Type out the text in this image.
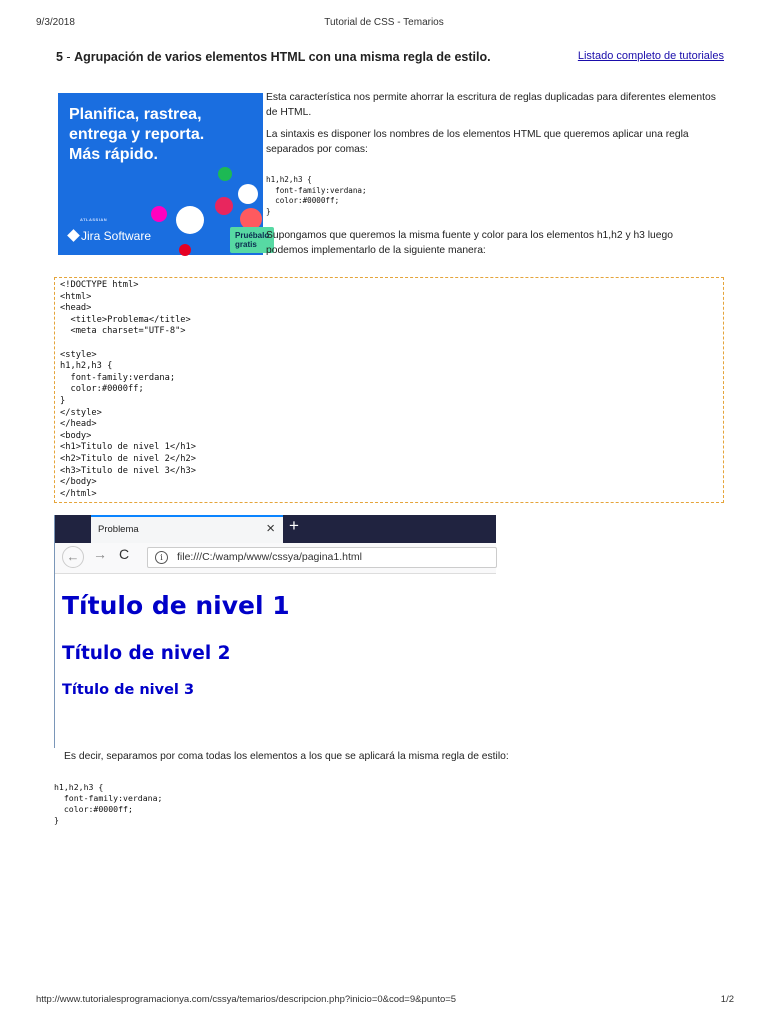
9/3/2018	Tutorial de CSS - Temarios
5 - Agrupación de varios elementos HTML con una misma regla de estilo.	Listado completo de tutoriales
Planifica, rastrea,
entrega y reporta.
Más rápido.
ATLASSIAN
Jira Software	Pruébalo gratis
Esta característica nos permite ahorrar la escritura de reglas duplicadas para diferentes elementos de HTML.
La sintaxis es disponer los nombres de los elementos HTML que queremos aplicar una regla separados por comas:
h1,h2,h3 {
font-family:verdana;
color:#0000ff;
}
Supongamos que queremos la misma fuente y color para los elementos h1,h2 y h3 luego podemos implementarlo de la siguiente manera:
<!DOCTYPE html>
<html>
<head>
<title>Problema</title>
<meta charset="UTF-8">

<style>
h1,h2,h3 {
font-family:verdana;
color:#0000ff;
}
</style>
</head>
<body>
<h1>Titulo de nivel 1</h1>
<h2>Titulo de nivel 2</h2>
<h3>Titulo de nivel 3</h3>
</body>
</html>
Problema	× +
← → C	i	file:///C:/wamp/www/cssya/pagina1.html
Título de nivel 1
Título de nivel 2
Título de nivel 3
Es decir, separamos por coma todas los elementos a los que se aplicará la misma regla de estilo:
h1,h2,h3 {
font-family:verdana;
color:#0000ff;
}
http://www.tutorialesprogramacionya.com/cssya/temarios/descripcion.php?inicio=0&cod=9&punto=5	1/2
